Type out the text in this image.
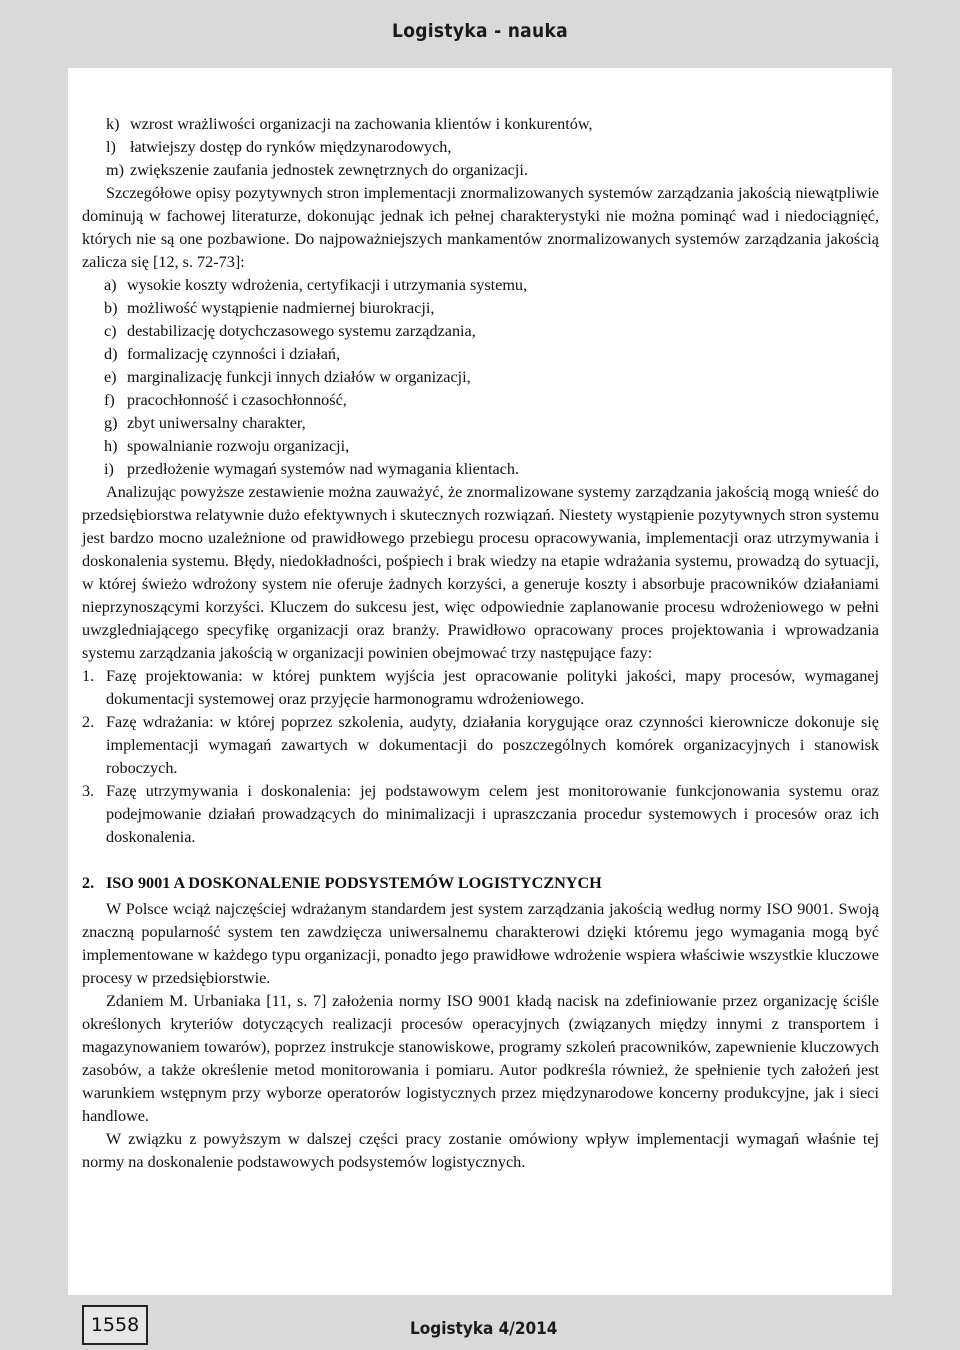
Logistyka - nauka
k) wzrost wrażliwości organizacji na zachowania klientów i konkurentów,
l) łatwiejszy dostęp do rynków międzynarodowych,
m) zwiększenie zaufania jednostek zewnętrznych do organizacji.

Szczegółowe opisy pozytywnych stron implementacji znormalizowanych systemów zarządzania jakością niewątpliwie dominują w fachowej literaturze, dokonując jednak ich pełnej charakterystyki nie można pominąć wad i niedociągnięć, których nie są one pozbawione. Do najpoważniejszych mankamentów znormalizowanych systemów zarządzania jakością zalicza się [12, s. 72-73]:

a) wysokie koszty wdrożenia, certyfikacji i utrzymania systemu,
b) możliwość wystąpienie nadmiernej biurokracji,
c) destabilizację dotychczasowego systemu zarządzania,
d) formalizację czynności i działań,
e) marginalizację funkcji innych działów w organizacji,
f) pracochłonność i czasochłonność,
g) zbyt uniwersalny charakter,
h) spowalnianie rozwoju organizacji,
i) przedłożenie wymagań systemów nad wymagania klientach.

Analizując powyższe zestawienie można zauważyć, że znormalizowane systemy zarządzania jakością mogą wnieść do przedsiębiorstwa relatywnie dużo efektywnych i skutecznych rozwiązań. Niestety wystąpienie pozytywnych stron systemu jest bardzo mocno uzależnione od prawidłowego przebiegu procesu opracowywania, implementacji oraz utrzymywania i doskonalenia systemu. Błędy, niedokładności, pośpiech i brak wiedzy na etapie wdrażania systemu, prowadzą do sytuacji, w której świeżo wdrożony system nie oferuje żadnych korzyści, a generuje koszty i absorbuje pracowników działaniami nieprzynoszącymi korzyści. Kluczem do sukcesu jest, więc odpowiednie zaplanowanie procesu wdrożeniowego w pełni uwzgledniającego specyfikę organizacji oraz branży. Prawidłowo opracowany proces projektowania i wprowadzania systemu zarządzania jakością w organizacji powinien obejmować trzy następujące fazy:

1. Fazę projektowania: w której punktem wyjścia jest opracowanie polityki jakości, mapy procesów, wymaganej dokumentacji systemowej oraz przyjęcie harmonogramu wdrożeniowego.
2. Fazę wdrażania: w której poprzez szkolenia, audyty, działania korygujące oraz czynności kierownicze dokonuje się implementacji wymagań zawartych w dokumentacji do poszczególnych komórek organizacyjnych i stanowisk roboczych.
3. Fazę utrzymywania i doskonalenia: jej podstawowym celem jest monitorowanie funkcjonowania systemu oraz podejmowanie działań prowadzących do minimalizacji i upraszczania procedur systemowych i procesów oraz ich doskonalenia.

2. ISO 9001 A DOSKONALENIE PODSYSTEMÓW LOGISTYCZNYCH

W Polsce wciąż najczęściej wdrażanym standardem jest system zarządzania jakością według normy ISO 9001. Swoją znaczną popularność system ten zawdzięcza uniwersalnemu charakterowi dzięki któremu jego wymagania mogą być implementowane w każdego typu organizacji, ponadto jego prawidłowe wdrożenie wspiera właściwie wszystkie kluczowe procesy w przedsiębiorstwie.

Zdaniem M. Urbaniaka [11, s. 7] założenia normy ISO 9001 kładą nacisk na zdefiniowanie przez organizację ściśle określonych kryteriów dotyczących realizacji procesów operacyjnych (związanych między innymi z transportem i magazynowaniem towarów), poprzez instrukcje stanowiskowe, programy szkoleń pracowników, zapewnienie kluczowych zasobów, a także określenie metod monitorowania i pomiaru. Autor podkreśla również, że spełnienie tych założeń jest warunkiem wstępnym przy wyborze operatorów logistycznych przez międzynarodowe koncerny produkcyjne, jak i sieci handlowe.

W związku z powyższym w dalszej części pracy zostanie omówiony wpływ implementacji wymagań właśnie tej normy na doskonalenie podstawowych podsystemów logistycznych.

1558	Logistyka 4/2014
